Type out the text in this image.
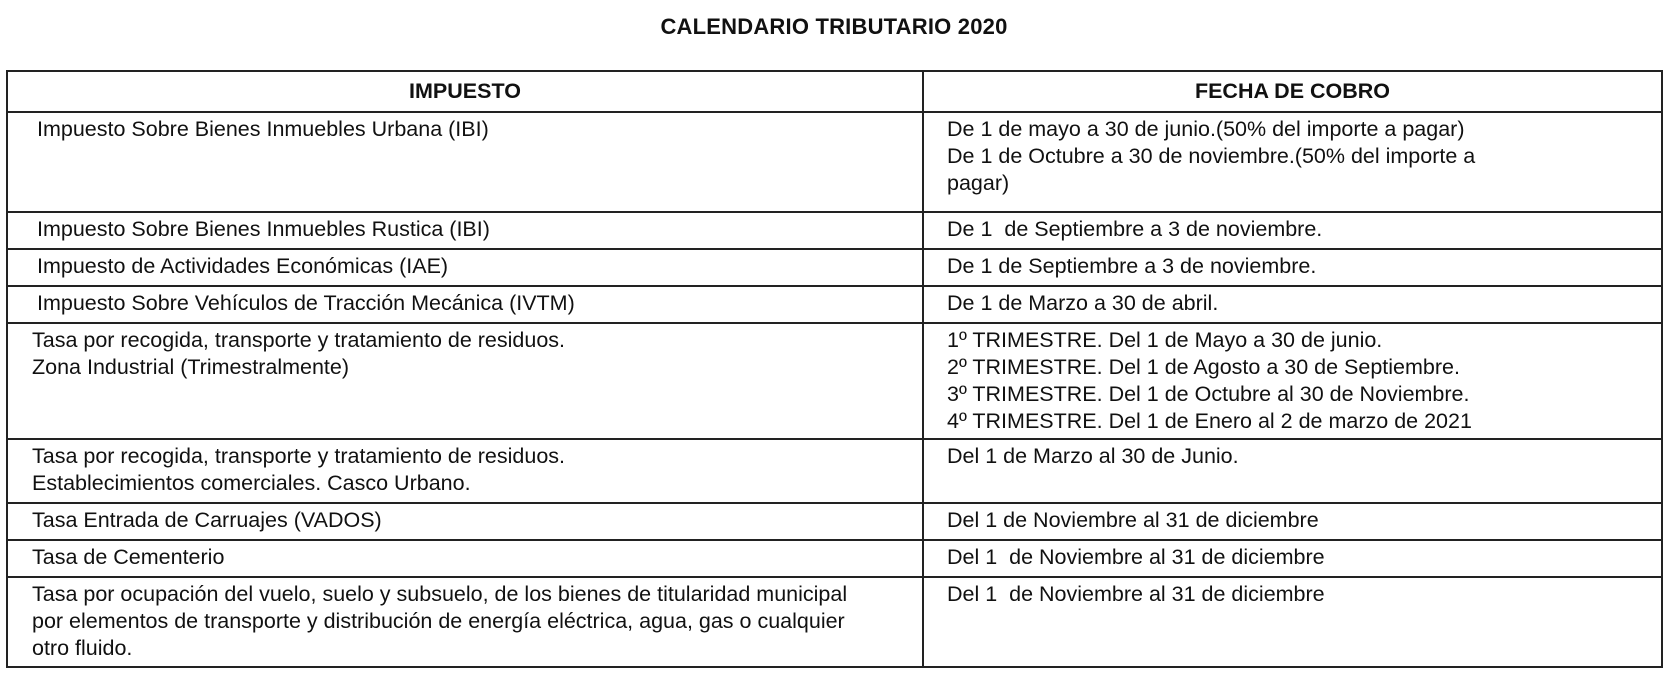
CALENDARIO TRIBUTARIO 2020
IMPUESTO	FECHA DE COBRO

Impuesto Sobre Bienes Inmuebles Urbana (IBI)	De 1 de mayo a 30 de junio.(50% del importe a pagar)
De 1 de Octubre a 30 de noviembre.(50% del importe a pagar)

Impuesto Sobre Bienes Inmuebles Rustica (IBI)	De 1  de Septiembre a 3 de noviembre.

Impuesto de Actividades Económicas (IAE)	De 1 de Septiembre a 3 de noviembre.

Impuesto Sobre Vehículos de Tracción Mecánica (IVTM)	De 1 de Marzo a 30 de abril.

Tasa por recogida, transporte y tratamiento de residuos.
Zona Industrial (Trimestralmente)	1º TRIMESTRE. Del 1 de Mayo a 30 de junio.
2º TRIMESTRE. Del 1 de Agosto a 30 de Septiembre.
3º TRIMESTRE. Del 1 de Octubre al 30 de Noviembre.
4º TRIMESTRE. Del 1 de Enero al 2 de marzo de 2021

Tasa por recogida, transporte y tratamiento de residuos.
Establecimientos comerciales. Casco Urbano.	Del 1 de Marzo al 30 de Junio.

Tasa Entrada de Carruajes (VADOS)	Del 1 de Noviembre al 31 de diciembre

Tasa de Cementerio	Del 1  de Noviembre al 31 de diciembre

Tasa por ocupación del vuelo, suelo y subsuelo, de los bienes de titularidad municipal por elementos de transporte y distribución de energía eléctrica, agua, gas o cualquier otro fluido.	Del 1  de Noviembre al 31 de diciembre
